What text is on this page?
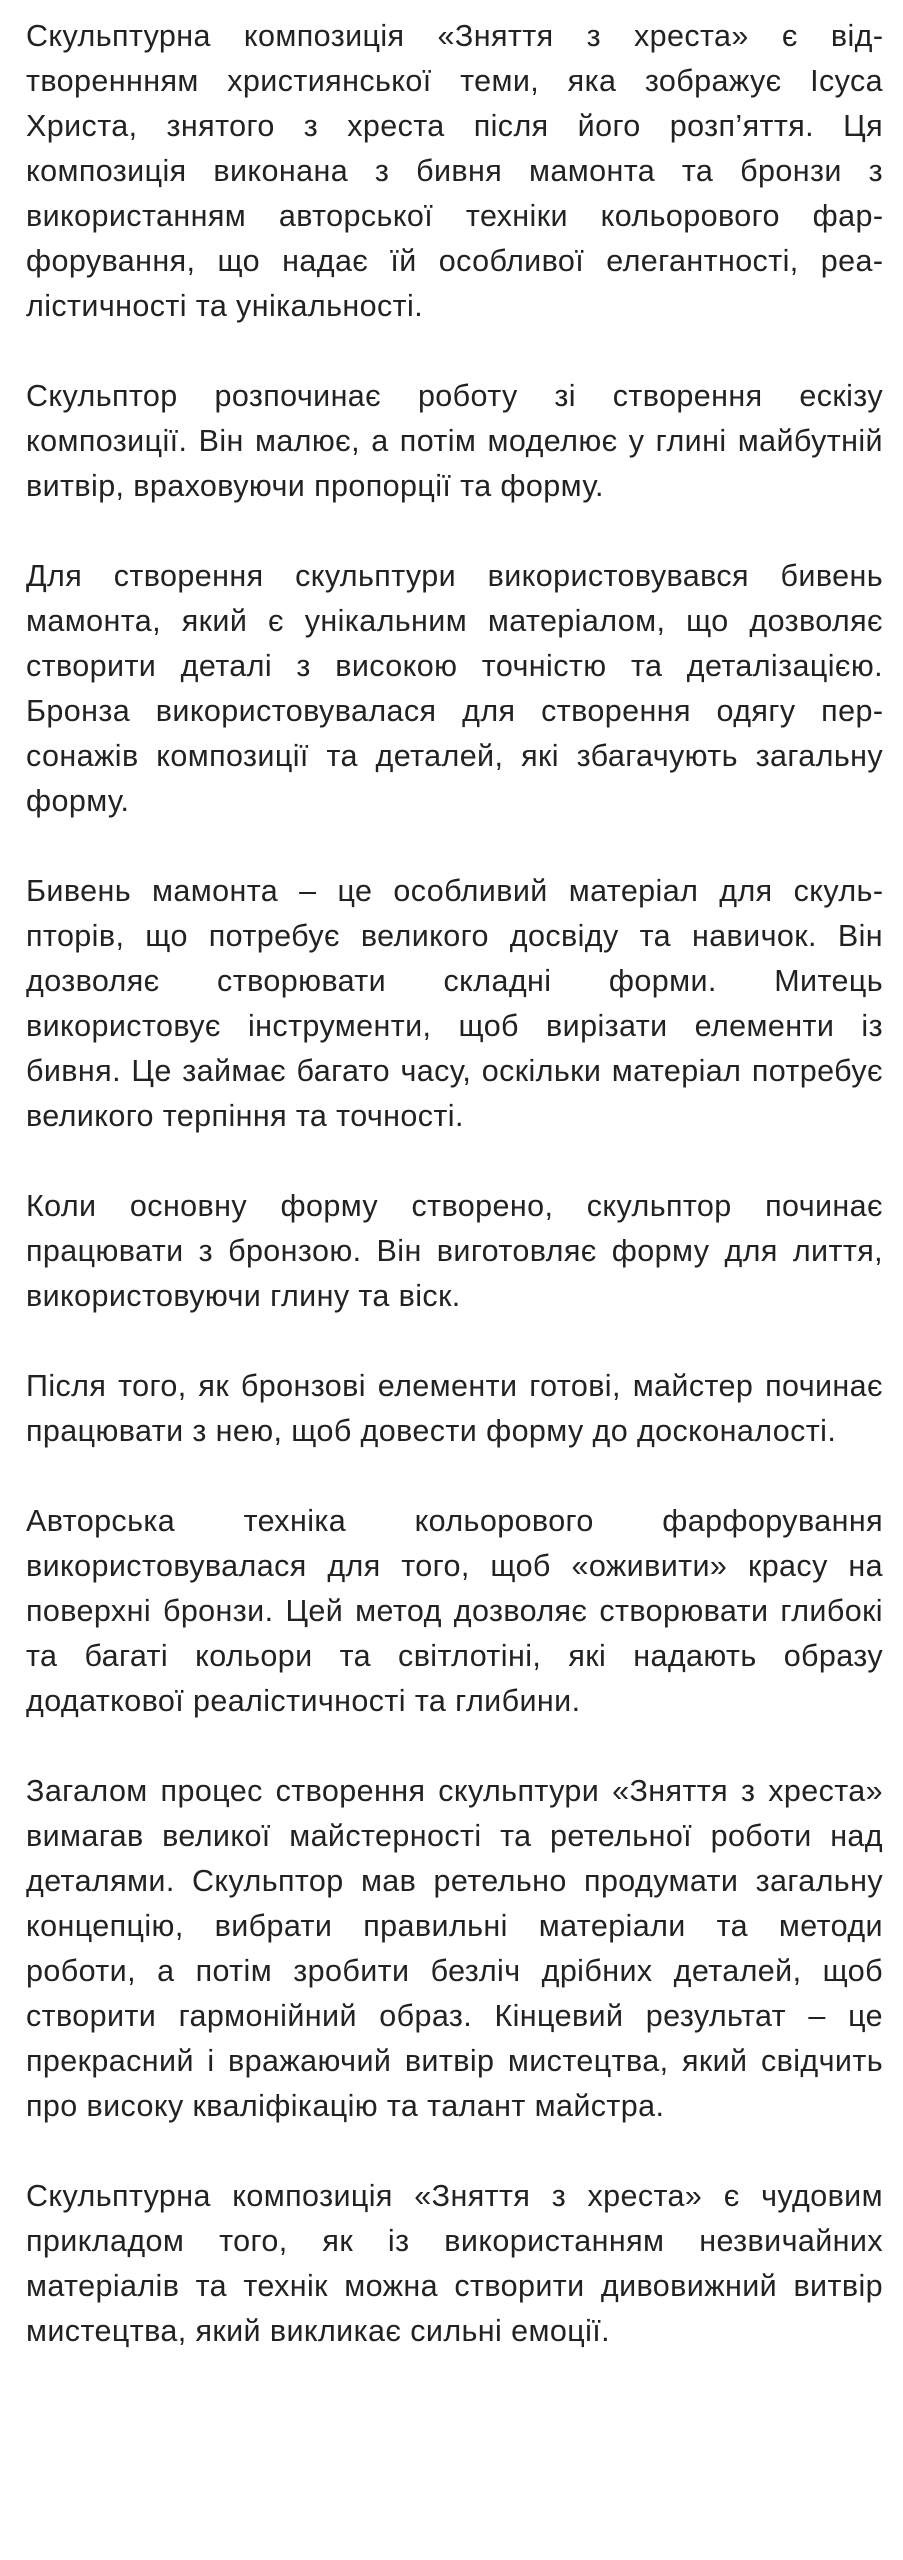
Скульптурна композиція «Зняття з хреста» є відтвореннням християнської теми, яка зображує Ісуса Христа, знятого з хреста після його розп’яття. Ця композиція виконана з бивня мамонта та бронзи з використанням авторської техніки кольорового фарфорування, що надає їй особливої елегантності, реалістичності та унікальності.

Скульптор розпочинає роботу зі створення ескізу композиції. Він малює, а потім моделює у глині майбутній витвір, враховуючи пропорції та форму.

Для створення скульптури використовувався бивень мамонта, який є унікальним матеріалом, що дозволяє створити деталі з високою точністю та деталізацією. Бронза використовувалася для створення одягу персонажів композиції та деталей, які збагачують загальну форму.

Бивень мамонта – це особливий матеріал для скульпторів, що потребує великого досвіду та навичок. Він дозволяє створювати складні форми. Митець використовує інструменти, щоб вирізати елементи із бивня. Це займає багато часу, оскільки матеріал потребує великого терпіння та точності.

Коли основну форму створено, скульптор починає працювати з бронзою. Він виготовляє форму для лиття, використовуючи глину та віск.

Після того, як бронзові елементи готові, майстер починає працювати з нею, щоб довести форму до досконалості.

Авторська техніка кольорового фарфорування використовувалася для того, щоб «оживити» красу на поверхні бронзи. Цей метод дозволяє створювати глибокі та багаті кольори та світлотіні, які надають образу додаткової реалістичності та глибини.

Загалом процес створення скульптури «Зняття з хреста» вимагав великої майстерності та ретельної роботи над деталями. Скульптор мав ретельно продумати загальну концепцію, вибрати правильні матеріали та методи роботи, а потім зробити безліч дрібних деталей, щоб створити гармонійний образ. Кінцевий результат – це прекрасний і вражаючий витвір мистецтва, який свідчить про високу кваліфікацію та талант майстра.

Скульптурна композиція «Зняття з хреста» є чудовим прикладом того, як із використанням незвичайних матеріалів та технік можна створити дивовижний витвір мистецтва, який викликає сильні емоції.
